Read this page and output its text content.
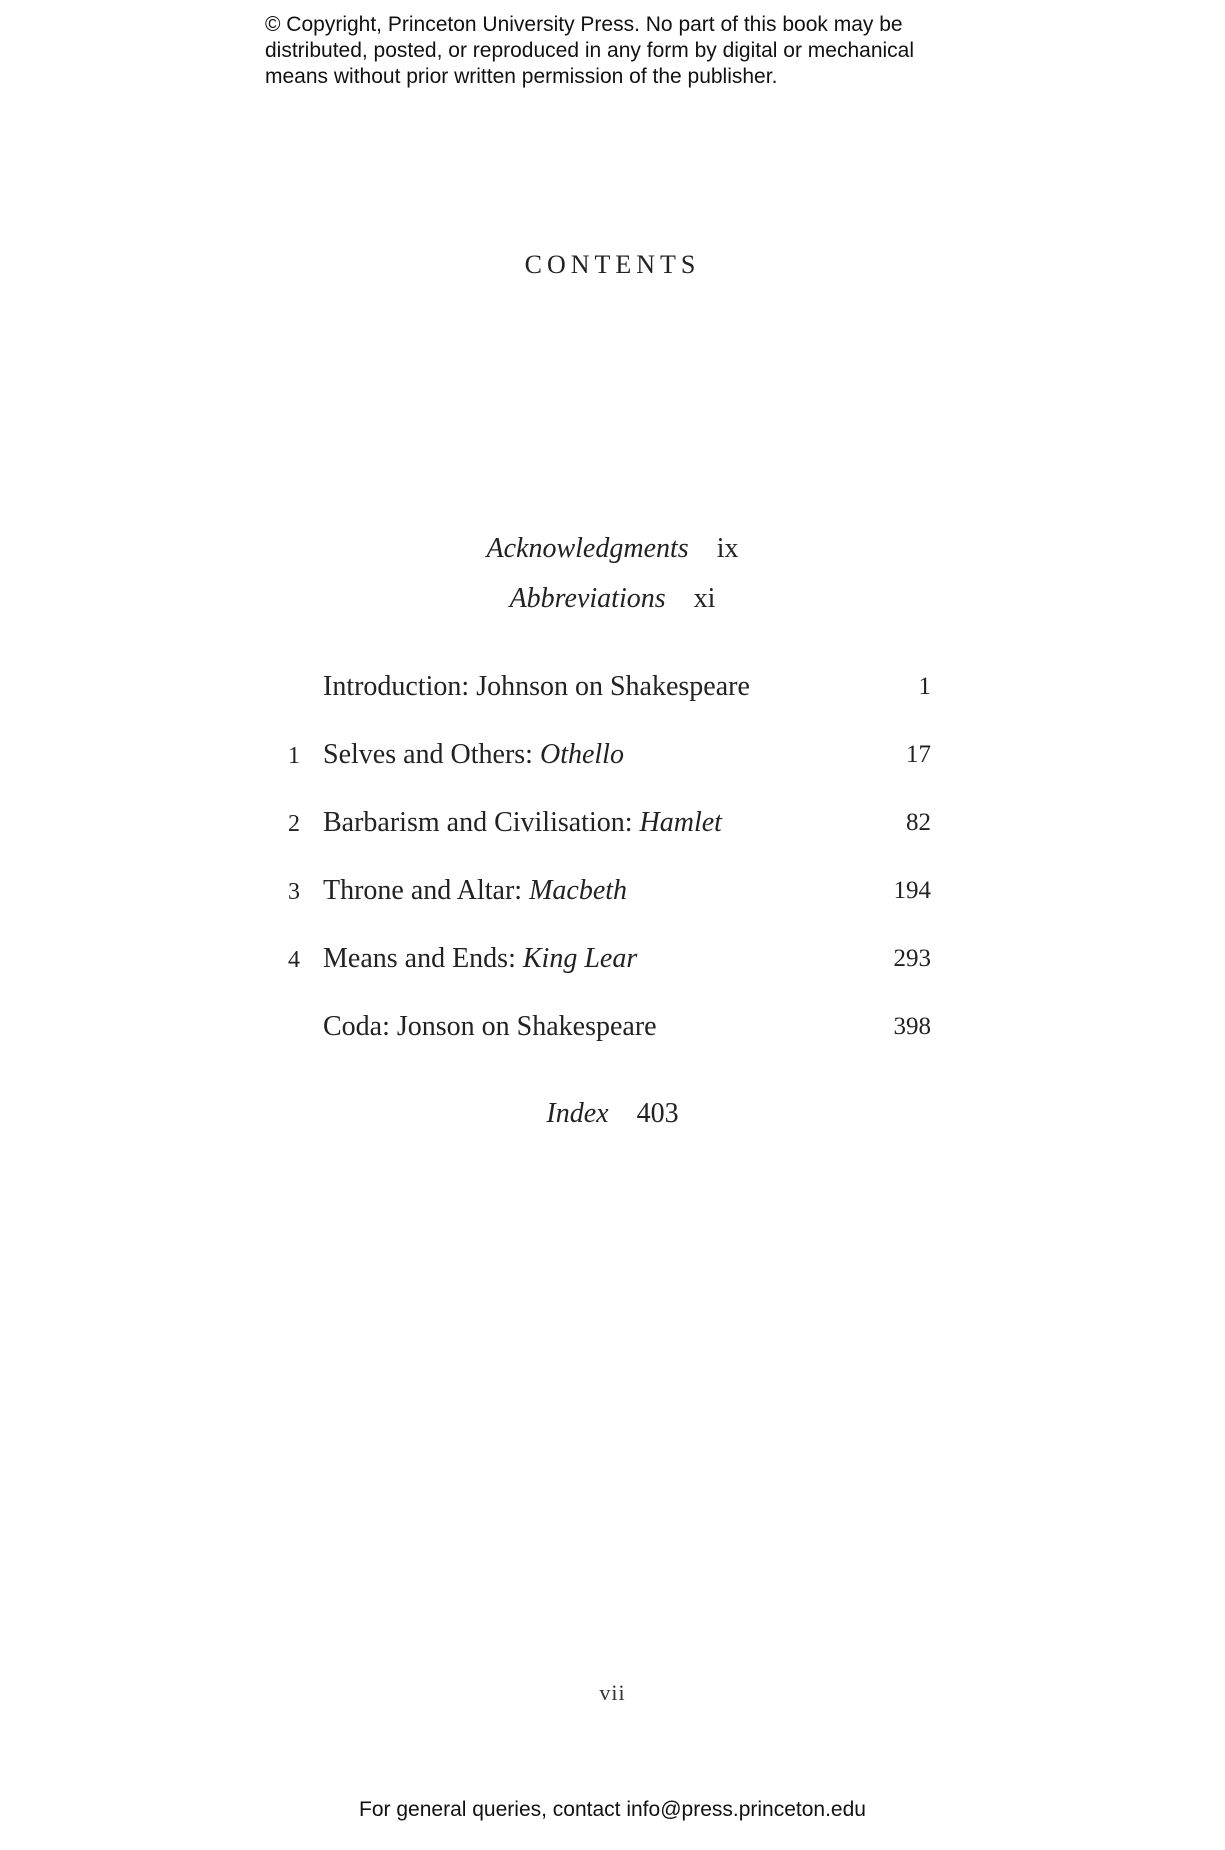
© Copyright, Princeton University Press. No part of this book may be
distributed, posted, or reproduced in any form by digital or mechanical
means without prior written permission of the publisher.
CONTENTS
Acknowledgments ix
Abbreviations xi
Introduction: Johnson on Shakespeare	1
1 Selves and Others: Othello	17
2 Barbarism and Civilisation: Hamlet	82
3 Throne and Altar: Macbeth	194
4 Means and Ends: King Lear	293
Coda: Jonson on Shakespeare	398
Index 403
vii
For general queries, contact info@press.princeton.edu
